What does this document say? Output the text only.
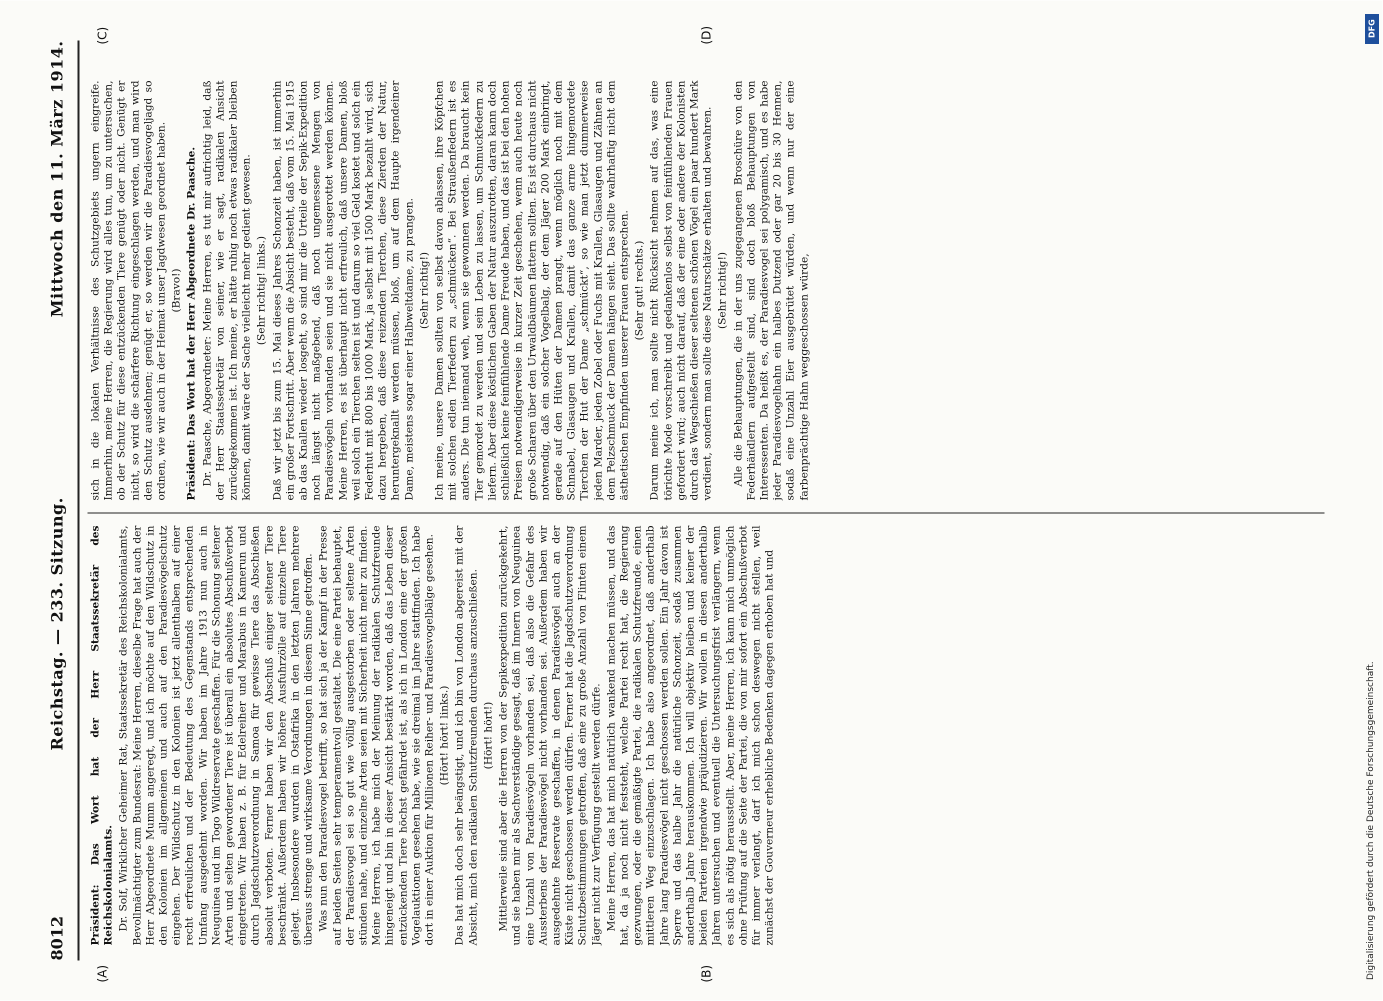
8012
Reichstag. — 233. Sitzung.
Mittwoch den 11. März 1914.
(A)	(B)
(C)	(D)

Präsident: Das Wort hat der Herr Staatssekretär des Reichskolonialamts. Dr. Solf, Wirklicher Geheimer Rat, Staatssekretär des Reichskolonialamts, Bevollmächtigter zum Bundesrat: Meine Herren, dieselbe Frage hat auch der Herr Abgeordnete Mumm angeregt, und ich möchte auf den Wildschutz in den Kolonien im allgemeinen und auch auf den Paradiesvögelschutz eingehen. Der Wildschutz in den Kolonien ist jetzt allenthalben auf einer recht erfreulichen und der Bedeutung des Gegenstands entsprechenden Umfang ausgedehnt worden. Wir haben im Jahre 1913 nun auch in Neuguinea und im Togo Wildreservate geschaffen. Für die Schonung seltener Arten und selten gewordener Tiere ist überall ein absolutes Abschußverbot eingetreten. Wir haben z. B. für Edelreiher und Marabus in Kamerun und durch Jagdschutzverordnung in Samoa für gewisse Tiere das Abschießen absolut verboten. Ferner haben wir den Abschuß einiger seltener Tiere beschränkt. Außerdem haben wir höhere Ausfuhrzölle auf einzelne Tiere gelegt. Insbesondere wurden in Ostafrika in den letzten Jahren mehrere überaus strenge und wirksame Verordnungen in diesem Sinne getroffen. Was nun den Paradiesvogel betrifft, so hat sich ja der Kampf in der Presse auf beiden Seiten sehr temperamentvoll gestaltet. Die eine Partei behauptet, der Paradiesvogel sei so gut wie völlig ausgestorben oder seltene Arten stünden nahe, und einzelne Arten seien mit Sicherheit nicht mehr zu finden. Meine Herren, ich habe mich der Meinung der radikalen Schutzfreunde hingeneigt und bin in dieser Ansicht bestärkt worden, daß das Leben dieser entzückenden Tiere höchst gefährdet ist, als ich in London eine der großen Vogelauktionen gesehen habe, wie sie dreimal im Jahre stattfinden. Ich habe dort in einer Auktion für Millionen Reiher- und Paradiesvogelbälge gesehen. (Hört! hört! links.) Das hat mich doch sehr beängstigt, und ich bin von London abgereist mit der Absicht, mich den radikalen Schutzfreunden durchaus anzuschließen. (Hört! hört!) Mittlerweile sind aber die Herren von der Sepikexpedition zurückgekehrt, und sie haben mir als Sachverständige gesagt, daß im Innern von Neuguinea eine Unzahl von Paradiesvögeln vorhanden sei, daß also die Gefahr des Aussterbens der Paradiesvögel nicht vorhanden sei. Außerdem haben wir ausgedehnte Reservate geschaffen, in denen Paradiesvögel auch an der Küste nicht geschossen werden dürfen. Ferner hat die Jagdschutzverordnung Schutzbestimmungen getroffen, daß eine zu große Anzahl von Flinten einem Jäger nicht zur Verfügung gestellt werden dürfe. Meine Herren, das hat mich natürlich wankend machen müssen, und das hat, da ja noch nicht feststeht, welche Partei recht hat, die Regierung gezwungen, oder die gemäßigte Partei, die radikalen Schutzfreunde, einen mittleren Weg einzuschlagen. Ich habe also angeordnet, daß anderthalb Jahre lang Paradiesvögel nicht geschossen werden sollen. Ein Jahr davon ist Sperre und das halbe Jahr die natürliche Schonzeit, sodaß zusammen anderthalb Jahre herauskommen. Ich will objektiv bleiben und keiner der beiden Parteien irgendwie präjudizieren. Wir wollen in diesen anderthalb Jahren untersuchen und eventuell die Untersuchungsfrist verlängern, wenn es sich als nötig herausstellt. Aber, meine Herren, ich kann mich unmöglich ohne Prüfung auf die Seite der Partei, die von mir sofort ein Abschußverbot für immer verlangt, darf ich mich schon deswegen nicht stellen, weil zunächst der Gouverneur erhebliche Bedenken dagegen erhoben hat und

sich in die lokalen Verhältnisse des Schutzgebiets ungern eingreife. Immerhin, meine Herren, die Regierung wird alles tun, um zu untersuchen, ob der Schutz für diese entzückenden Tiere genügt oder nicht. Genügt er nicht, so wird die schärfere Richtung eingeschlagen werden, und man wird den Schutz ausdehnen; genügt er, so werden wir die Paradiesvogeljagd so ordnen, wie wir auch in der Heimat unser Jagdwesen geordnet haben. (Bravo!) Präsident: Das Wort hat der Herr Abgeordnete Dr. Paasche. Dr. Paasche, Abgeordneter: Meine Herren, es tut mir aufrichtig leid, daß der Herr Staatssekretär von seiner, wie er sagt, radikalen Ansicht zurückgekommen ist. Ich meine, er hätte ruhig noch etwas radikaler bleiben können, damit wäre der Sache vielleicht mehr gedient gewesen. (Sehr richtig! links.) Daß wir jetzt bis zum 15. Mai dieses Jahres Schonzeit haben, ist immerhin ein großer Fortschritt. Aber wenn die Absicht besteht, daß vom 15. Mai 1915 ab das Knallen wieder losgeht, so sind mir die Urteile der Sepik-Expedition noch längst nicht maßgebend, daß noch ungemessene Mengen von Paradiesvögeln vorhanden seien und sie nicht ausgerottet werden können. Meine Herren, es ist überhaupt nicht erfreulich, daß unsere Damen, bloß weil solch ein Tierchen selten ist und darum so viel Geld kostet und solch ein Federhut mit 800 bis 1000 Mark, ja selbst mit 1500 Mark bezahlt wird, sich dazu hergeben, daß diese reizenden Tierchen, diese Zierden der Natur, heruntergeknallt werden müssen, bloß, um auf dem Haupte irgendeiner Dame, meistens sogar einer Halbweltdame, zu prangen. (Sehr richtig!) Ich meine, unsere Damen sollten von selbst davon ablassen, ihre Köpfchen mit solchen edlen Tierfedern zu „schmücken“. Bei Straußenfedern ist es anders. Die tun niemand weh, wenn sie gewonnen werden. Da braucht kein Tier gemordet zu werden und sein Leben zu lassen, um Schmuckfedern zu liefern. Aber diese köstlichen Gaben der Natur auszurotten, daran kann doch schließlich keine feinfühlende Dame Freude haben, und das ist bei den hohen Preisen notwendigerweise in kurzer Zeit geschehen, wenn auch heute noch große Scharen über den Urwaldbäumen flattern sollten. Es ist durchaus nicht notwendig, daß ein solcher Vogelbalg, der dem Jäger 200 Mark einbringt, gerade auf den Hüten der Damen prangt, wenn möglich noch mit dem Schnabel, Glasaugen und Krallen, damit das ganze arme hingemordete Tierchen der Hut der Dame „schmückt“, so wie man jetzt dummerweise jeden Marder, jeden Zobel oder Fuchs mit Krallen, Glasaugen und Zähnen an dem Pelzschmuck der Damen hängen sieht. Das sollte wahrhaftig nicht dem ästhetischen Empfinden unserer Frauen entsprechen. (Sehr gut! rechts.) Darum meine ich, man sollte nicht Rücksicht nehmen auf das, was eine törichte Mode vorschreibt und gedankenlos selbst von feinfühlenden Frauen gefordert wird; auch nicht darauf, daß der eine oder andere der Kolonisten durch das Wegschießen dieser seltenen schönen Vögel ein paar hundert Mark verdient, sondern man sollte diese Naturschätze erhalten und bewahren. (Sehr richtig!) Alle die Behauptungen, die in der uns zugegangenen Broschüre von den Federhändlern aufgestellt sind, sind doch bloß Behauptungen von Interessenten. Da heißt es, der Paradiesvogel sei polygamisch, und es habe jeder Paradiesvogelhahn ein halbes Dutzend oder gar 20 bis 30 Hennen, sodaß eine Unzahl Eier ausgebrütet würden, und wenn nur der eine farbenprächtige Hahn weggeschossen würde,

DFG
Digitalisierung gefördert durch die Deutsche Forschungsgemeinschaft.
